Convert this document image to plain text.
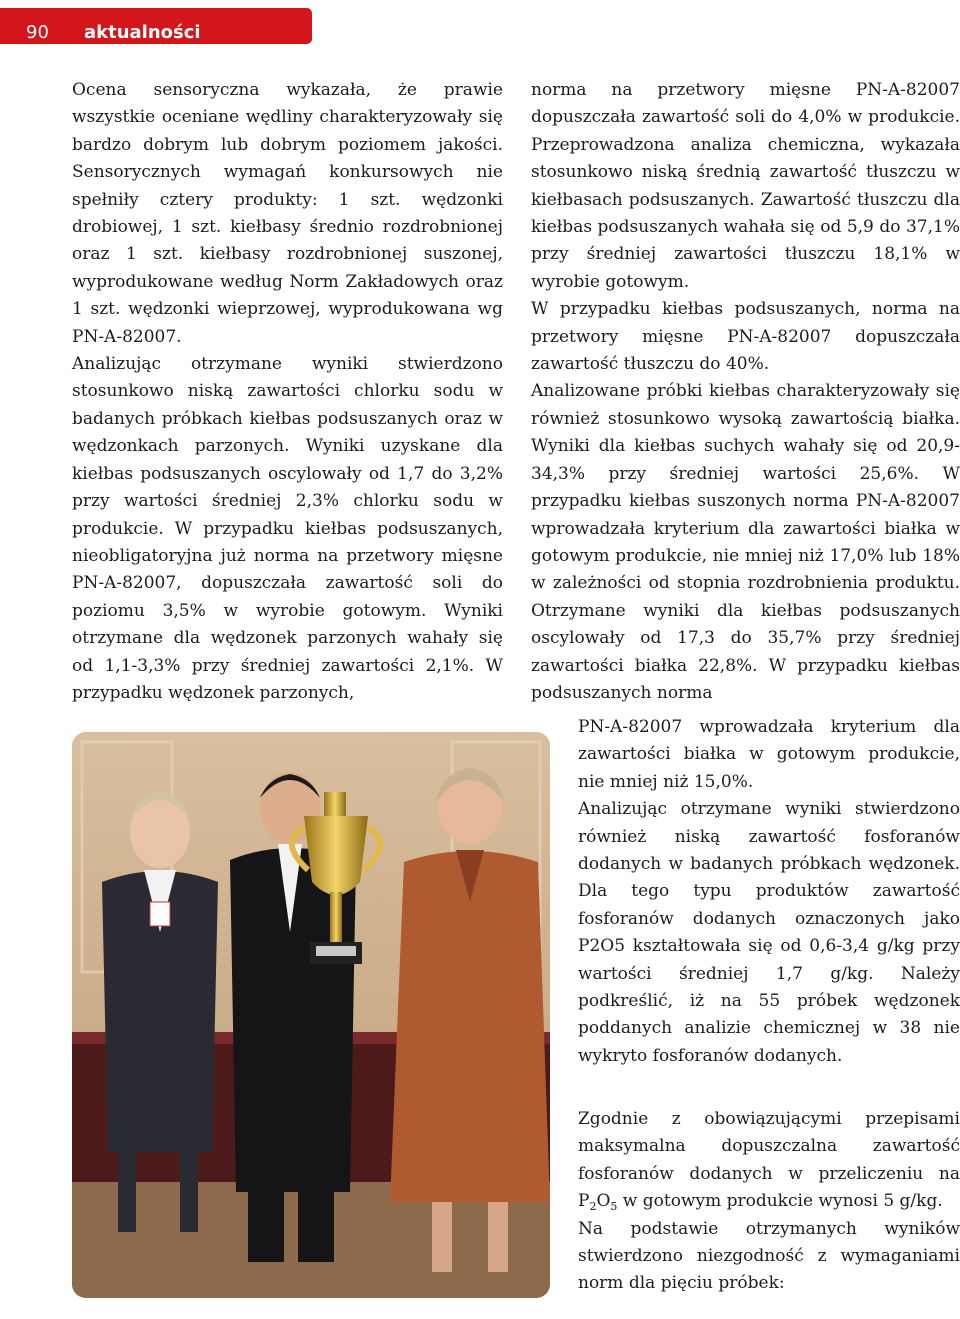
90 aktualności

Ocena sensoryczna wykazała, że prawie wszystkie oceniane wędliny charakteryzowały się bardzo dobrym lub dobrym poziomem jakości. Sensorycznych wymagań konkursowych nie spełniły cztery produkty: 1 szt. wędzonki drobiowej, 1 szt. kiełbasy średnio rozdrobnionej oraz 1 szt. kiełbasy rozdrobnionej suszonej, wyprodukowane według Norm Zakładowych oraz 1 szt. wędzonki wieprzowej, wyprodukowana wg PN-A-82007.

Analizując otrzymane wyniki stwierdzono stosunkowo niską zawartości chlorku sodu w badanych próbkach kiełbas podsuszanych oraz w wędzonkach parzonych. Wyniki uzyskane dla kiełbas podsuszanych oscylowały od 1,7 do 3,2% przy wartości średniej 2,3% chlorku sodu w produkcie. W przypadku kiełbas podsuszanych, nieobligatoryjna już norma na przetwory mięsne PN-A-82007, dopuszczała zawartość soli do poziomu 3,5% w wyrobie gotowym. Wyniki otrzymane dla wędzonek parzonych wahały się od 1,1-3,3% przy średniej zawartości 2,1%. W przypadku wędzonek parzonych,

norma na przetwory mięsne PN-A-82007 dopuszczała zawartość soli do 4,0% w produkcie. Przeprowadzona analiza chemiczna, wykazała stosunkowo niską średnią zawartość tłuszczu w kiełbasach podsuszanych. Zawartość tłuszczu dla kiełbas podsuszanych wahała się od 5,9 do 37,1% przy średniej zawartości tłuszczu 18,1% w wyrobie gotowym.

W przypadku kiełbas podsuszanych, norma na przetwory mięsne PN-A-82007 dopuszczała zawartość tłuszczu do 40%.

Analizowane próbki kiełbas charakteryzowały się również stosunkowo wysoką zawartością białka. Wyniki dla kiełbas suchych wahały się od 20,9-34,3% przy średniej wartości 25,6%. W przypadku kiełbas suszonych norma PN-A-82007 wprowadzała kryterium dla zawartości białka w gotowym produkcie, nie mniej niż 17,0% lub 18% w zależności od stopnia rozdrobnienia produktu. Otrzymane wyniki dla kiełbas podsuszanych oscylowały od 17,3 do 35,7% przy średniej zawartości białka 22,8%. W przypadku kiełbas podsuszanych norma

PN-A-82007 wprowadzała kryterium dla zawartości białka w gotowym produkcie, nie mniej niż 15,0%.

Analizując otrzymane wyniki stwierdzono również niską zawartość fosforanów dodanych w badanych próbkach wędzonek. Dla tego typu produktów zawartość fosforanów dodanych oznaczonych jako P2O5 kształtowała się od 0,6-3,4 g/kg przy wartości średniej 1,7 g/kg. Należy podkreślić, iż na 55 próbek wędzonek poddanych analizie chemicznej w 38 nie wykryto fosforanów dodanych.

Zgodnie z obowiązującymi przepisami maksymalna dopuszczalna zawartość fosforanów dodanych w przeliczeniu na $P_2O_5$ w gotowym produkcie wynosi 5 g/kg.

Na podstawie otrzymanych wyników stwierdzono niezgodność z wymaganiami norm dla pięciu próbek:
